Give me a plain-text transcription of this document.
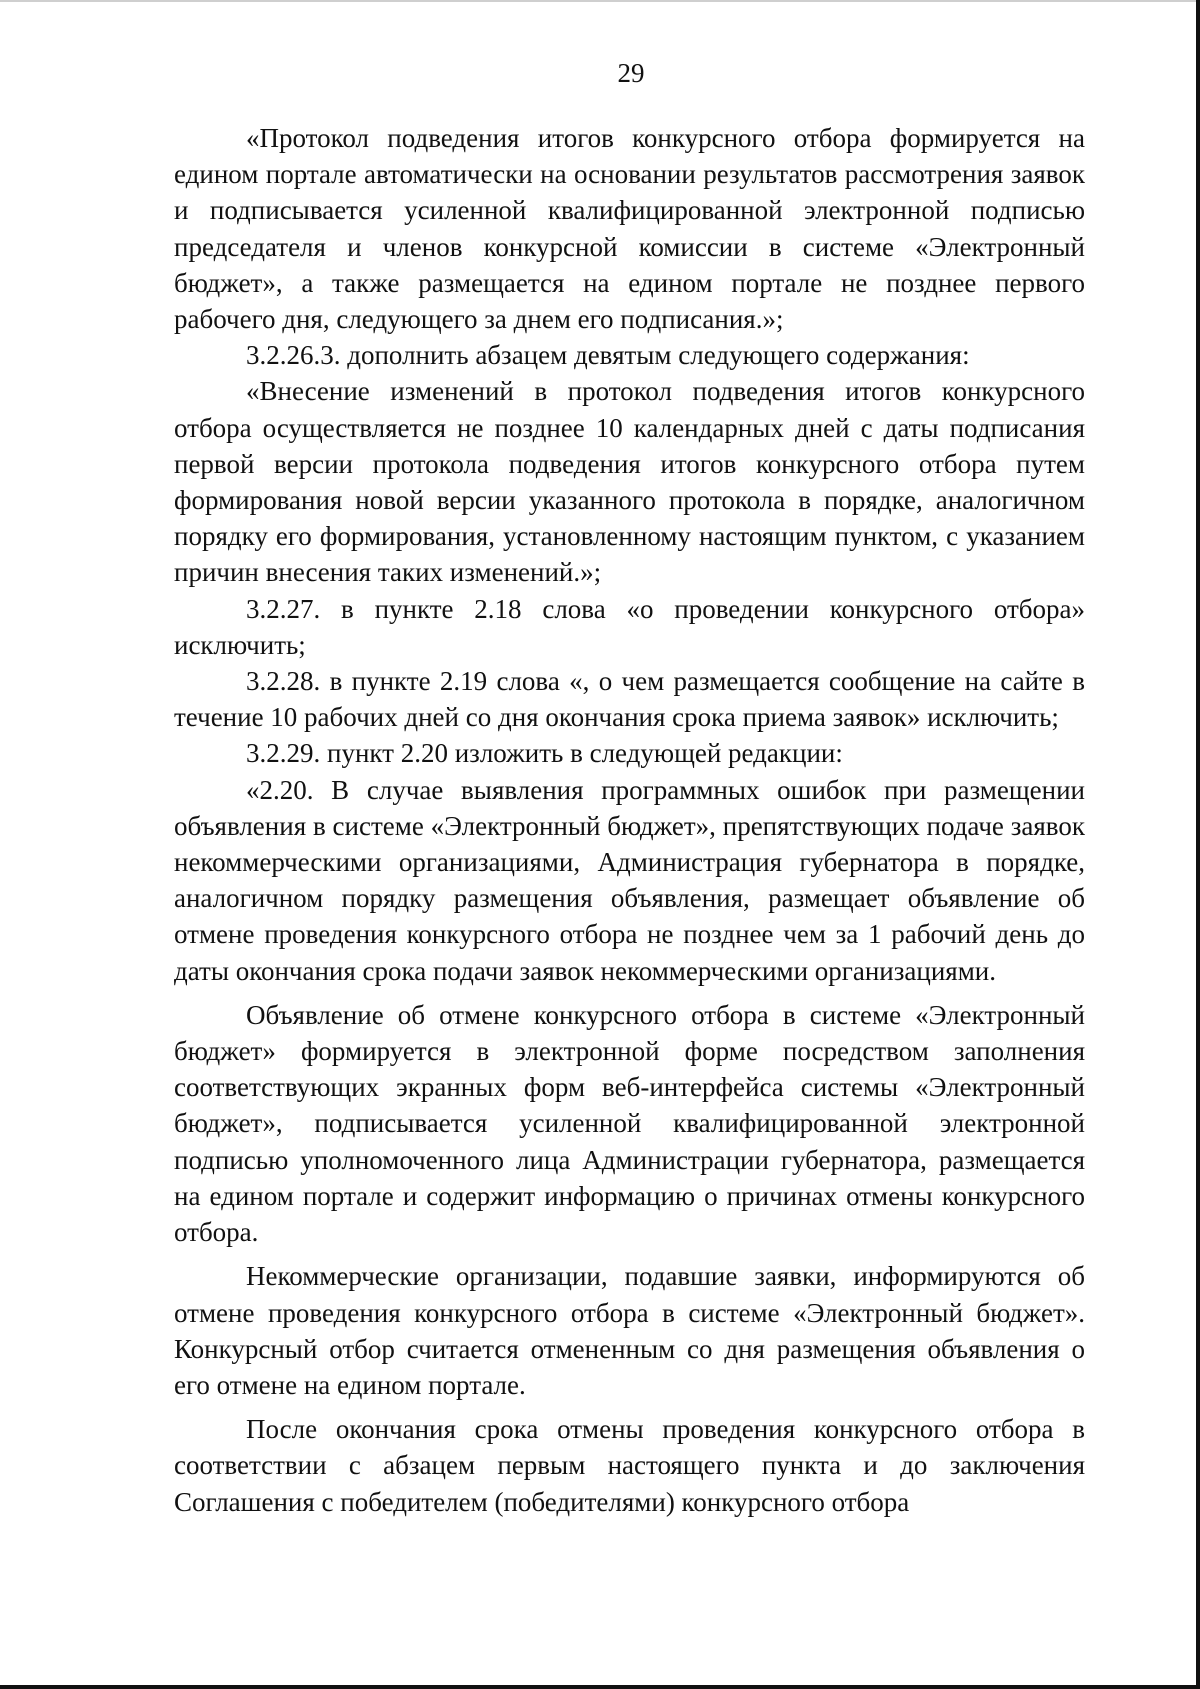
29

«Протокол подведения итогов конкурсного отбора формируется на едином портале автоматически на основании результатов рассмотрения заявок и подписывается усиленной квалифицированной электронной подписью председателя и членов конкурсной комиссии в системе «Электронный бюджет», а также размещается на едином портале не позднее первого рабочего дня, следующего за днем его подписания.»;

3.2.26.3. дополнить абзацем девятым следующего содержания:

«Внесение изменений в протокол подведения итогов конкурсного отбора осуществляется не позднее 10 календарных дней с даты подписания первой версии протокола подведения итогов конкурсного отбора путем формирования новой версии указанного протокола в порядке, аналогичном порядку его формирования, установленному настоящим пунктом, с указанием причин внесения таких изменений.»;

3.2.27. в пункте 2.18 слова «о проведении конкурсного отбора» исключить;

3.2.28. в пункте 2.19 слова «, о чем размещается сообщение на сайте в течение 10 рабочих дней со дня окончания срока приема заявок» исключить;

3.2.29. пункт 2.20 изложить в следующей редакции:

«2.20. В случае выявления программных ошибок при размещении объявления в системе «Электронный бюджет», препятствующих подаче заявок некоммерческими организациями, Администрация губернатора в порядке, аналогичном порядку размещения объявления, размещает объявление об отмене проведения конкурсного отбора не позднее чем за 1 рабочий день до даты окончания срока подачи заявок некоммерческими организациями.

Объявление об отмене конкурсного отбора в системе «Электронный бюджет» формируется в электронной форме посредством заполнения соответствующих экранных форм веб-интерфейса системы «Электронный бюджет», подписывается усиленной квалифицированной электронной подписью уполномоченного лица Администрации губернатора, размещается на едином портале и содержит информацию о причинах отмены конкурсного отбора.

Некоммерческие организации, подавшие заявки, информируются об отмене проведения конкурсного отбора в системе «Электронный бюджет». Конкурсный отбор считается отмененным со дня размещения объявления о его отмене на едином портале.

После окончания срока отмены проведения конкурсного отбора в соответствии с абзацем первым настоящего пункта и до заключения Соглашения с победителем (победителями) конкурсного отбора
